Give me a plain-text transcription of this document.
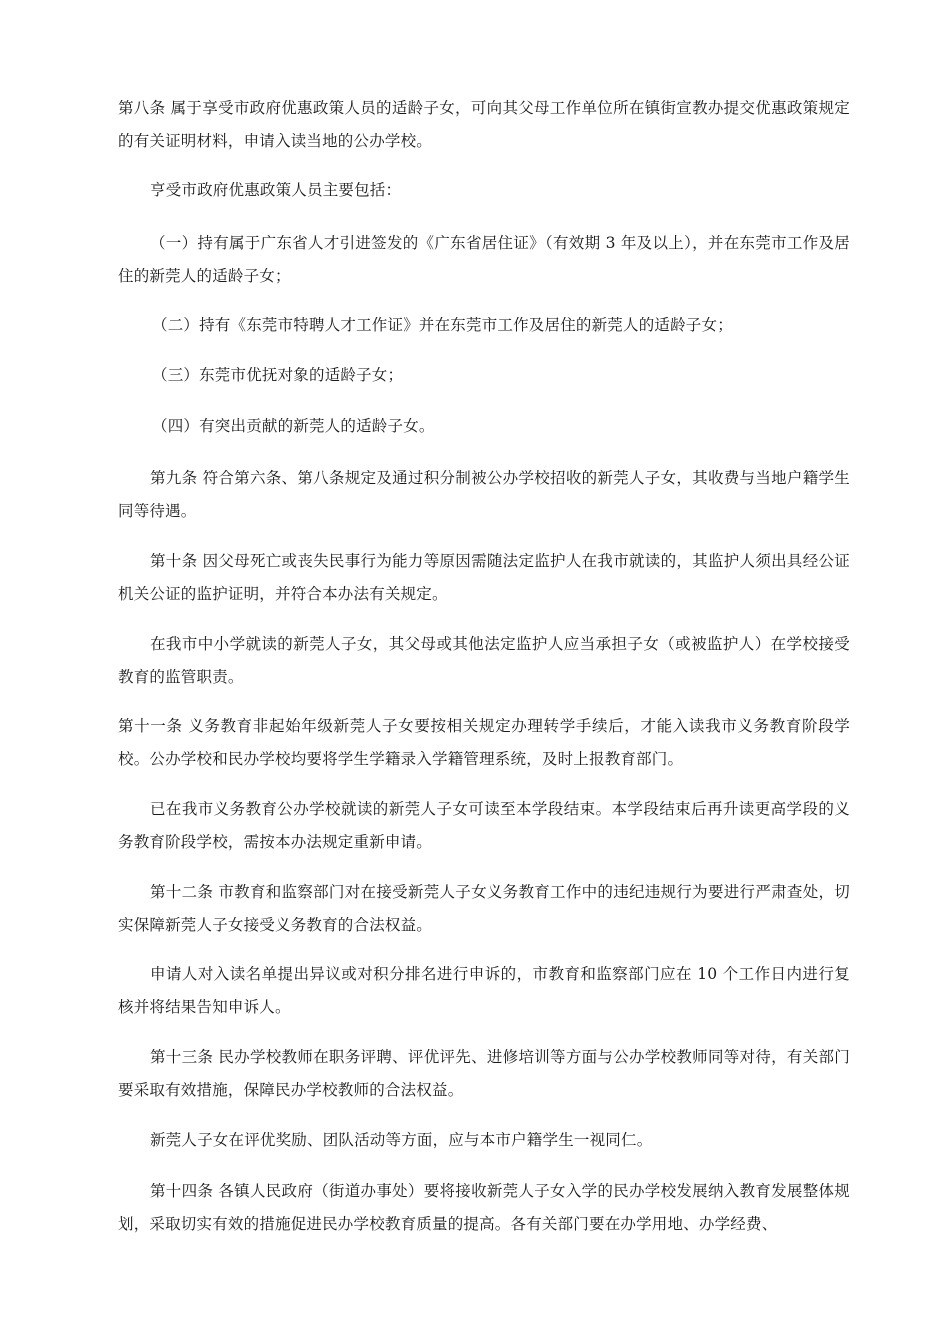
第八条 属于享受市政府优惠政策人员的适龄子女，可向其父母工作单位所在镇街宣教办提交优惠政策规定的有关证明材料，申请入读当地的公办学校。

亨受市政府优惠政策人员主要包括：

（一）持有属于广东省人才引进签发的《广东省居住证》（有效期 3 年及以上），并在东莞市工作及居住的新莞人的适龄子女；

（二）持有《东莞市特聘人才工作证》并在东莞市工作及居住的新莞人的适龄子女；

（三）东莞市优抚对象的适龄子女；

（四）有突出贡献的新莞人的适龄子女。

第九条 符合第六条、第八条规定及通过积分制被公办学校招收的新莞人子女，其收费与当地户籍学生同等待遇。

第十条 因父母死亡或丧失民事行为能力等原因需随法定监护人在我市就读的，其监护人须出具经公证机关公证的监护证明，并符合本办法有关规定。

在我市中小学就读的新莞人子女，其父母或其他法定监护人应当承担子女（或被监护人）在学校接受教育的监管职责。

第十一条 义务教育非起始年级新莞人子女要按相关规定办理转学手续后，才能入读我市义务教育阶段学校。公办学校和民办学校均要将学生学籍录入学籍管理系统，及时上报教育部门。

已在我市义务教育公办学校就读的新莞人子女可读至本学段结束。本学段结束后再升读更高学段的义务教育阶段学校，需按本办法规定重新申请。

第十二条 市教育和监察部门对在接受新莞人子女义务教育工作中的违纪违规行为要进行严肃查处，切实保障新莞人子女接受义务教育的合法权益。

申请人对入读名单提出异议或对积分排名进行申诉的，市教育和监察部门应在 10 个工作日内进行复核并将结果告知申诉人。

第十三条 民办学校教师在职务评聘、评优评先、进修培训等方面与公办学校教师同等对待，有关部门要采取有效措施，保障民办学校教师的合法权益。

新莞人子女在评优奖励、团队活动等方面，应与本市户籍学生一视同仁。

第十四条 各镇人民政府（街道办事处）要将接收新莞人子女入学的民办学校发展纳入教育发展整体规划，采取切实有效的措施促进民办学校教育质量的提高。各有关部门要在办学用地、办学经费、
